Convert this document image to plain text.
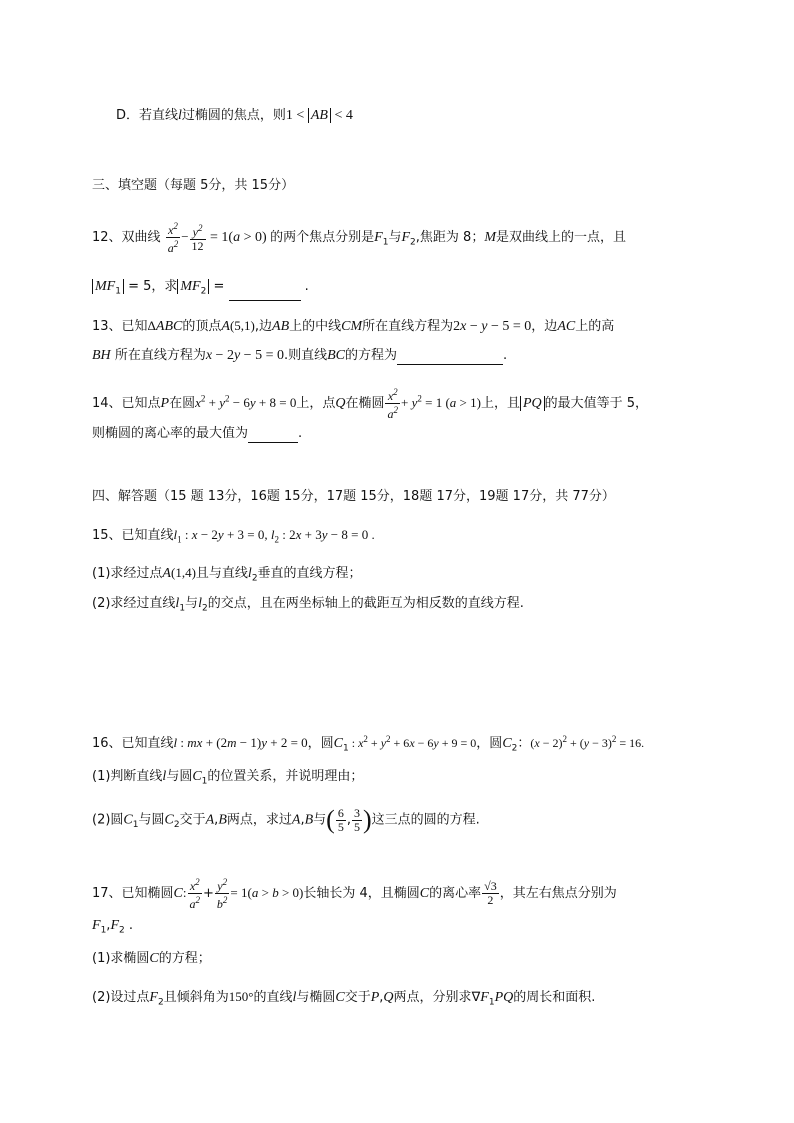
D．若直线l过椭圆的焦点，则1 < AB < 4
三、填空题（每题 5分，共 15分）
12、双曲线 $\frac{x^2}{a^2} - \frac{y^2}{12} = 1(a > 0)$ 的两个焦点分别是$F_1$与$F_2$,焦距为 8；M是双曲线上的一点，且
$MF_1 = 5$，求 $MF_2$ =	.
13、已知ΔABC的顶点A(5,1),边AB上的中线CM所在直线方程为2x − y − 5 = 0，边AC上的高
BH 所在直线方程为x − 2y − 5 = 0.则直线BC的方程为	.
14、已知点P在圆$x^2 + y^2 - 6y + 8 = 0$上，点Q在椭圆 $\frac{x^2}{a^2} + y^2 = 1$ (a > 1)上，且 PQ 的最大值等于 5，
则椭圆的离心率的最大值为	.
四、解答题（15 题 13分，16题 15分，17题 15分，18题 17分，19题 17分，共 77分）
15、已知直线$l_1$ : x − 2y + 3 = 0, $l_2$ : 2x + 3y − 8 = 0 .
(1)求经过点A(1,4)且与直线$l_2$垂直的直线方程；
(2)求经过直线$l_1$与$l_2$的交点，且在两坐标轴上的截距互为相反数的直线方程.
16、已知直线l : mx + (2m − 1)y + 2 = 0，圆$C_1$ : $x^2 + y^2 + 6x - 6y + 9 = 0$，圆$C_2$：$(x - 2)^2 + (y - 3)^2 = 16$.
(1)判断直线l与圆$C_1$的位置关系，并说明理由；
(2)圆$C_1$与圆$C_2$交于A,B两点，求过A,B与( $\frac{6}{5}$ , $\frac{3}{5}$ )这三点的圆的方程.
17、已知椭圆C: $\frac{x^2}{a^2} + \frac{y^2}{b^2} = 1(a > b > 0)$长轴长为 4，且椭圆C的离心率 $\frac{√3}{2}$ ，其左右焦点分别为
$F_1,F_2$ .
(1)求椭圆C的方程；
(2)设过点$F_2$且倾斜角为150°的直线l与椭圆C交于P,Q两点，分别求$\nabla F_1PQ$的周长和面积.
